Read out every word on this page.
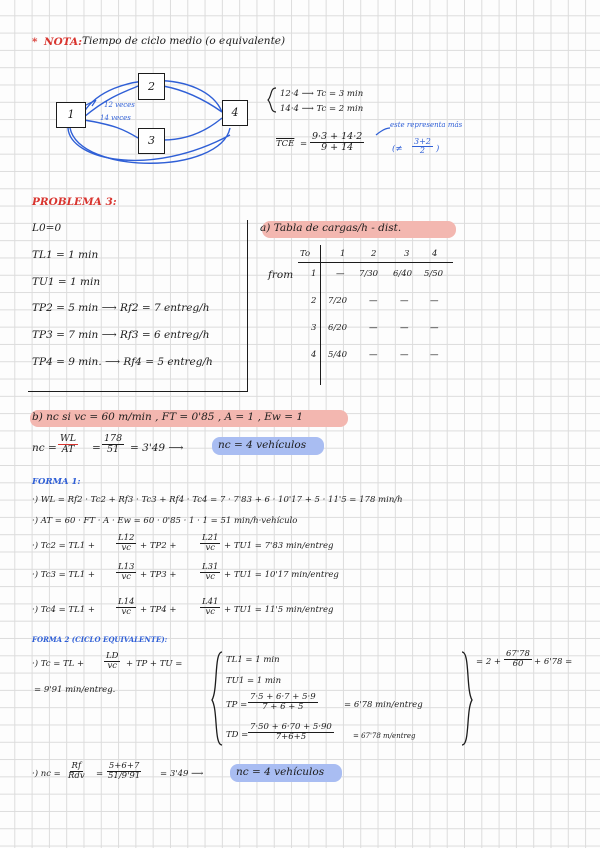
* NOTA: Tiempo de ciclo medio (o equivalente)
1
2
3
4
12 veces
14 veces
12·4 ⟶ Tc = 3 min
14·4 ⟶ Tc = 2 min
$\overline{TCE} = \frac{9\cdot 3 + 14\cdot 2}{9 + 14}$
este representa más
(≠ $\frac{3+2}{2}$ )
PROBLEMA 3:
L0=0
TL1 = 1 min
TU1 = 1 min
TP2 = 5 min ⟶ Rf2 = 7 entreg/h
TP3 = 7 min ⟶ Rf3 = 6 entreg/h
TP4 = 9 min. ⟶ Rf4 = 5 entreg/h
a) Tabla de cargas/h - dist.
To	1	2	3	4
from 1 — 7/30 6/40 5/50
2 7/20	—	—	—
3 6/20	—	—	—
4 5/40	—	—	—
b) nc si vc = 60 m/min , FT = 0'85 , A = 1 , Ew = 1
nc = $\frac{WL}{AT} = \frac{178}{51} = 3'49$ ⟶	nc = 4 vehículos
FORMA 1:
·) WL = Rf2 · Tc2 + Rf3 · Tc3 + Rf4 · Tc4 = 7 · 7'83 + 6 · 10'17 + 5 · 11'5 = 178 min/h
·) AT = 60 · FT · A · Ew = 60 · 0'85 · 1 · 1 = 51 min/h·vehículo
·) $Tc2 = TL1 + \frac{L12}{vc} + TP2$ +	$\frac{L21}{vc} + TU1 = 7'83$ min/entreg
·) $Tc3 = TL1 + \frac{L13}{vc} + TP3$ +	$\frac{L31}{vc} + TU1 = 10'17$ min/entreg
·) $Tc4 = TL1 + \frac{L14}{vc} + TP4$ +	$\frac{L41}{vc} + TU1 = 11'5$ min/entreg
FORMA 2 (CICLO EQUIVALENTE):
·) Tc = TL + $\frac{LD}{vc}$ + TP + TU =
= 9'91 min/entreg.
TL1 = 1 min
TU1 = 1 min
TP = $\frac{7\cdot 5 + 6\cdot 7 + 5\cdot 9}{7 + 6 + 5}$	= 6'78 min/entreg
TD = $\frac{7\cdot 50 + 6\cdot 70 + 5\cdot 90}{7+6+5}$	= 67'78 m/entreg
= $2 + \frac{67'78}{60} + 6'78$ =
·) nc =
Rf
Rdv = $\frac{5+6+7}{51/9'91} = 3'49$ ⟶	nc = 4 vehículos
